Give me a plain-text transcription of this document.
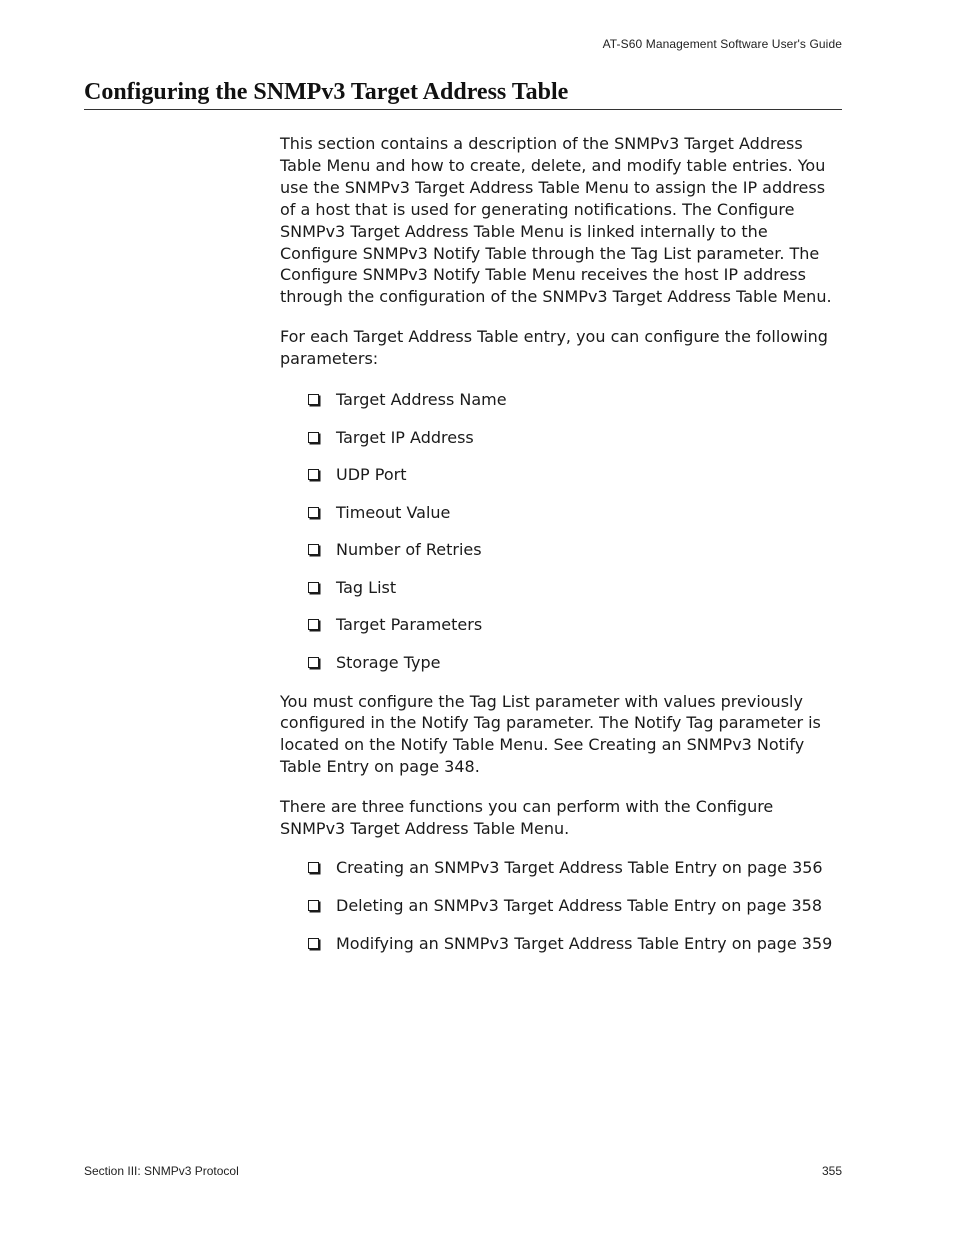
AT-S60 Management Software User's Guide
Configuring the SNMPv3 Target Address Table

This section contains a description of the SNMPv3 Target Address Table Menu and how to create, delete, and modify table entries. You use the SNMPv3 Target Address Table Menu to assign the IP address of a host that is used for generating notifications. The Configure SNMPv3 Target Address Table Menu is linked internally to the Configure SNMPv3 Notify Table through the Tag List parameter. The Configure SNMPv3 Notify Table Menu receives the host IP address through the configuration of the SNMPv3 Target Address Table Menu.

For each Target Address Table entry, you can configure the following parameters:

Target Address Name
Target IP Address
UDP Port
Timeout Value
Number of Retries
Tag List
Target Parameters
Storage Type

You must configure the Tag List parameter with values previously configured in the Notify Tag parameter. The Notify Tag parameter is located on the Notify Table Menu. See Creating an SNMPv3 Notify Table Entry on page 348.

There are three functions you can perform with the Configure SNMPv3 Target Address Table Menu.

Creating an SNMPv3 Target Address Table Entry on page 356
Deleting an SNMPv3 Target Address Table Entry on page 358
Modifying an SNMPv3 Target Address Table Entry on page 359
Section III: SNMPv3 Protocol	355
